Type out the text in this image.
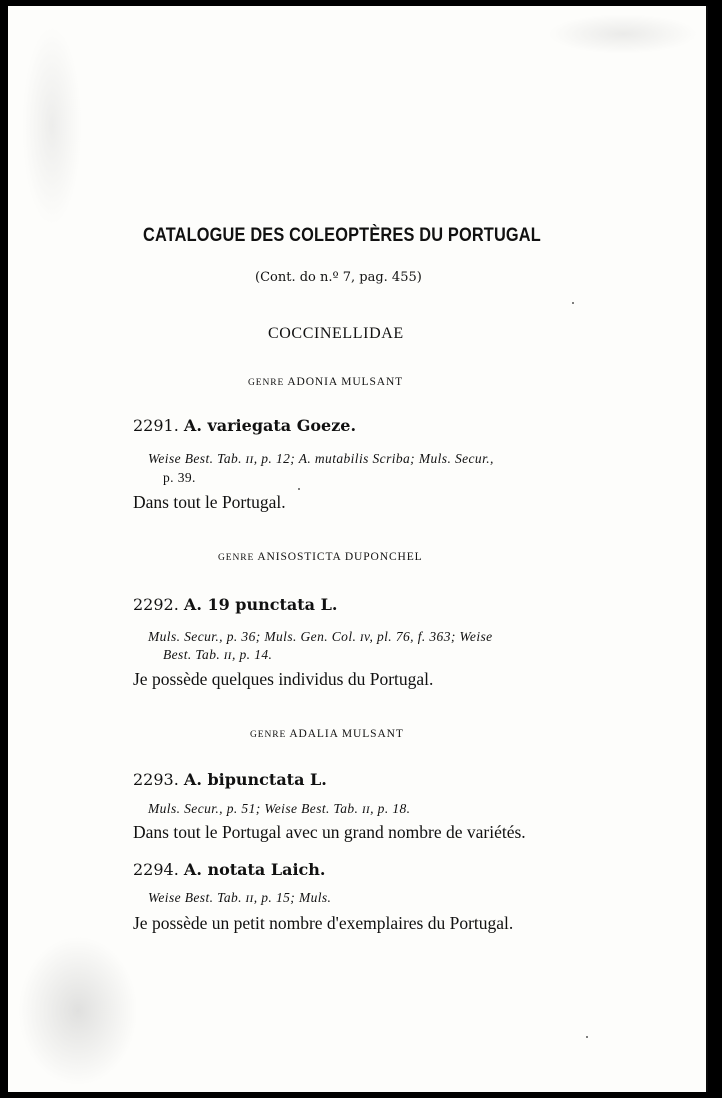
CATALOGUE DES COLEOPTÈRES DU PORTUGAL
(Cont. do n.º 7, pag. 455)
COCCINELLIDAE
GENRE ADONIA MULSANT
2291. A. variegata Goeze.
Weise Best. Tab. ɪɪ, p. 12; A. mutabilis Scriba; Muls. Secur.,
p. 39.
Dans tout le Portugal.
GENRE ANISOSTICTA DUPONCHEL
2292. A. 19 punctata L.
Muls. Secur., p. 36; Muls. Gen. Col. ɪv, pl. 76, f. 363; Weise
Best. Tab. ɪɪ, p. 14.
Je possède quelques individus du Portugal.
GENRE ADALIA MULSANT
2293. A. bipunctata L.
Muls. Secur., p. 51; Weise Best. Tab. ɪɪ, p. 18.
Dans tout le Portugal avec un grand nombre de variétés.
2294. A. notata Laich.
Weise Best. Tab. ɪɪ, p. 15; Muls.
Je possède un petit nombre d'exemplaires du Portugal.
